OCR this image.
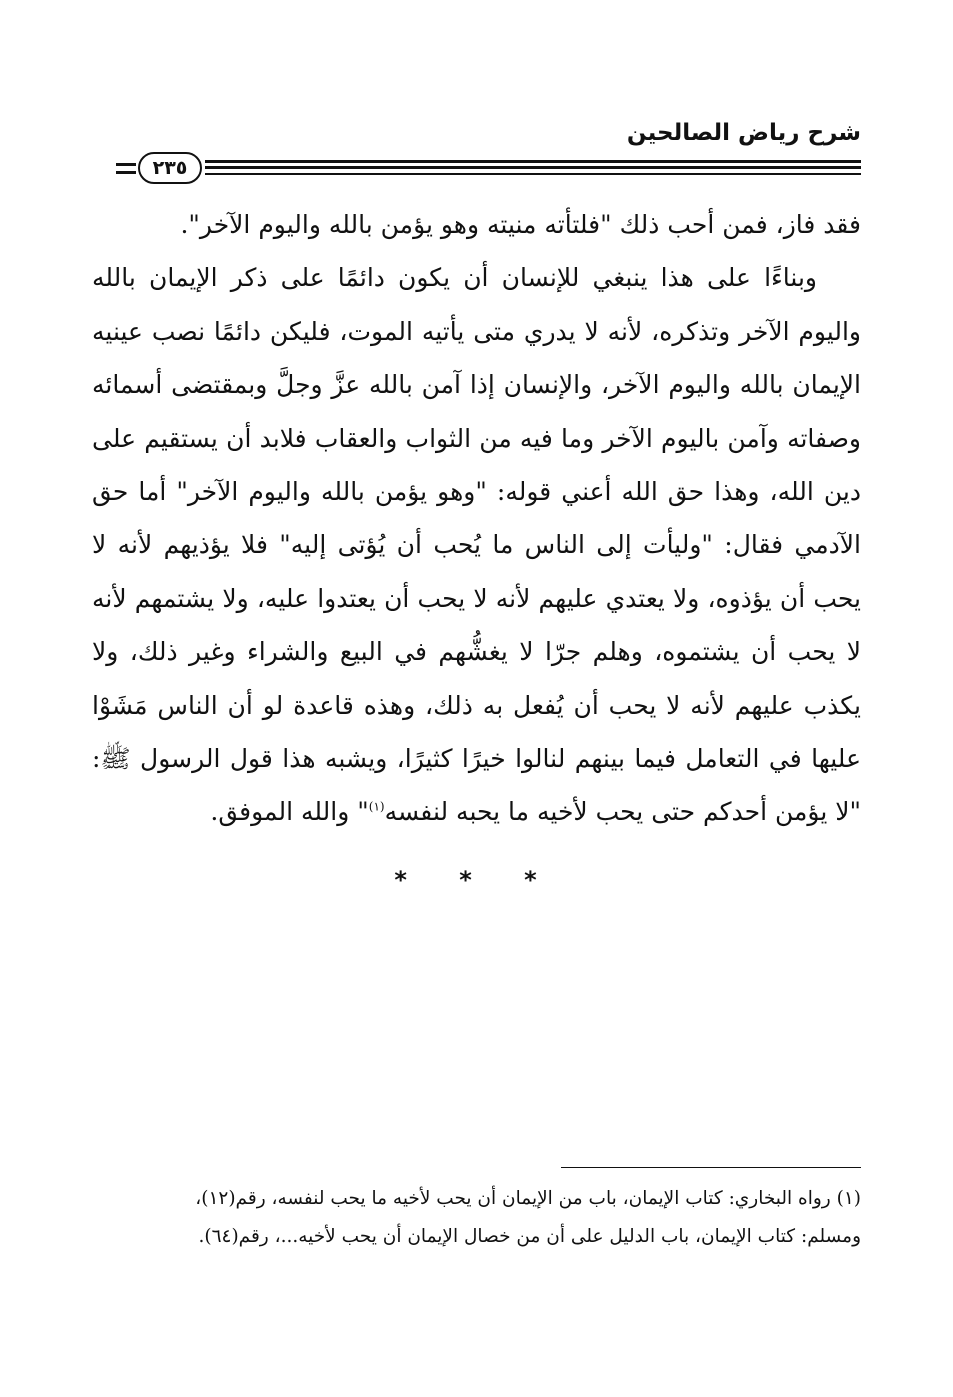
شرح رياض الصالحين
٢٣٥

فقد فاز، فمن أحب ذلك "فلتأته منيته وهو يؤمن بالله واليوم الآخر".

وبناءًا على هذا ينبغي للإنسان أن يكون دائمًا على ذكر الإيمان بالله واليوم الآخر وتذكره، لأنه لا يدري متى يأتيه الموت، فليكن دائمًا نصب عينيه الإيمان بالله واليوم الآخر، والإنسان إذا آمن بالله عزَّ وجلَّ وبمقتضى أسمائه وصفاته وآمن باليوم الآخر وما فيه من الثواب والعقاب فلابد أن يستقيم على دين الله، وهذا حق الله أعني قوله: "وهو يؤمن بالله واليوم الآخر" أما حق الآدمي فقال: "وليأت إلى الناس ما يُحب أن يُؤتى إليه" فلا يؤذيهم لأنه لا يحب أن يؤذوه، ولا يعتدي عليهم لأنه لا يحب أن يعتدوا عليه، ولا يشتمهم لأنه لا يحب أن يشتموه، وهلم جرّا لا يغشُّهم في البيع والشراء وغير ذلك، ولا يكذب عليهم لأنه لا يحب أن يُفعل به ذلك، وهذه قاعدة لو أن الناس مَشَوْا عليها في التعامل فيما بينهم لنالوا خيرًا كثيرًا، ويشبه هذا قول الرسول ﷺ: "لا يؤمن أحدكم حتى يحب لأخيه ما يحبه لنفسه$^{(١)}$" والله الموفق.

* * *

(١) رواه البخاري: كتاب الإيمان، باب من الإيمان أن يحب لأخيه ما يحب لنفسه، رقم(١٢)،

ومسلم: كتاب الإيمان، باب الدليل على أن من خصال الإيمان أن يحب لأخيه...، رقم(٦٤).
